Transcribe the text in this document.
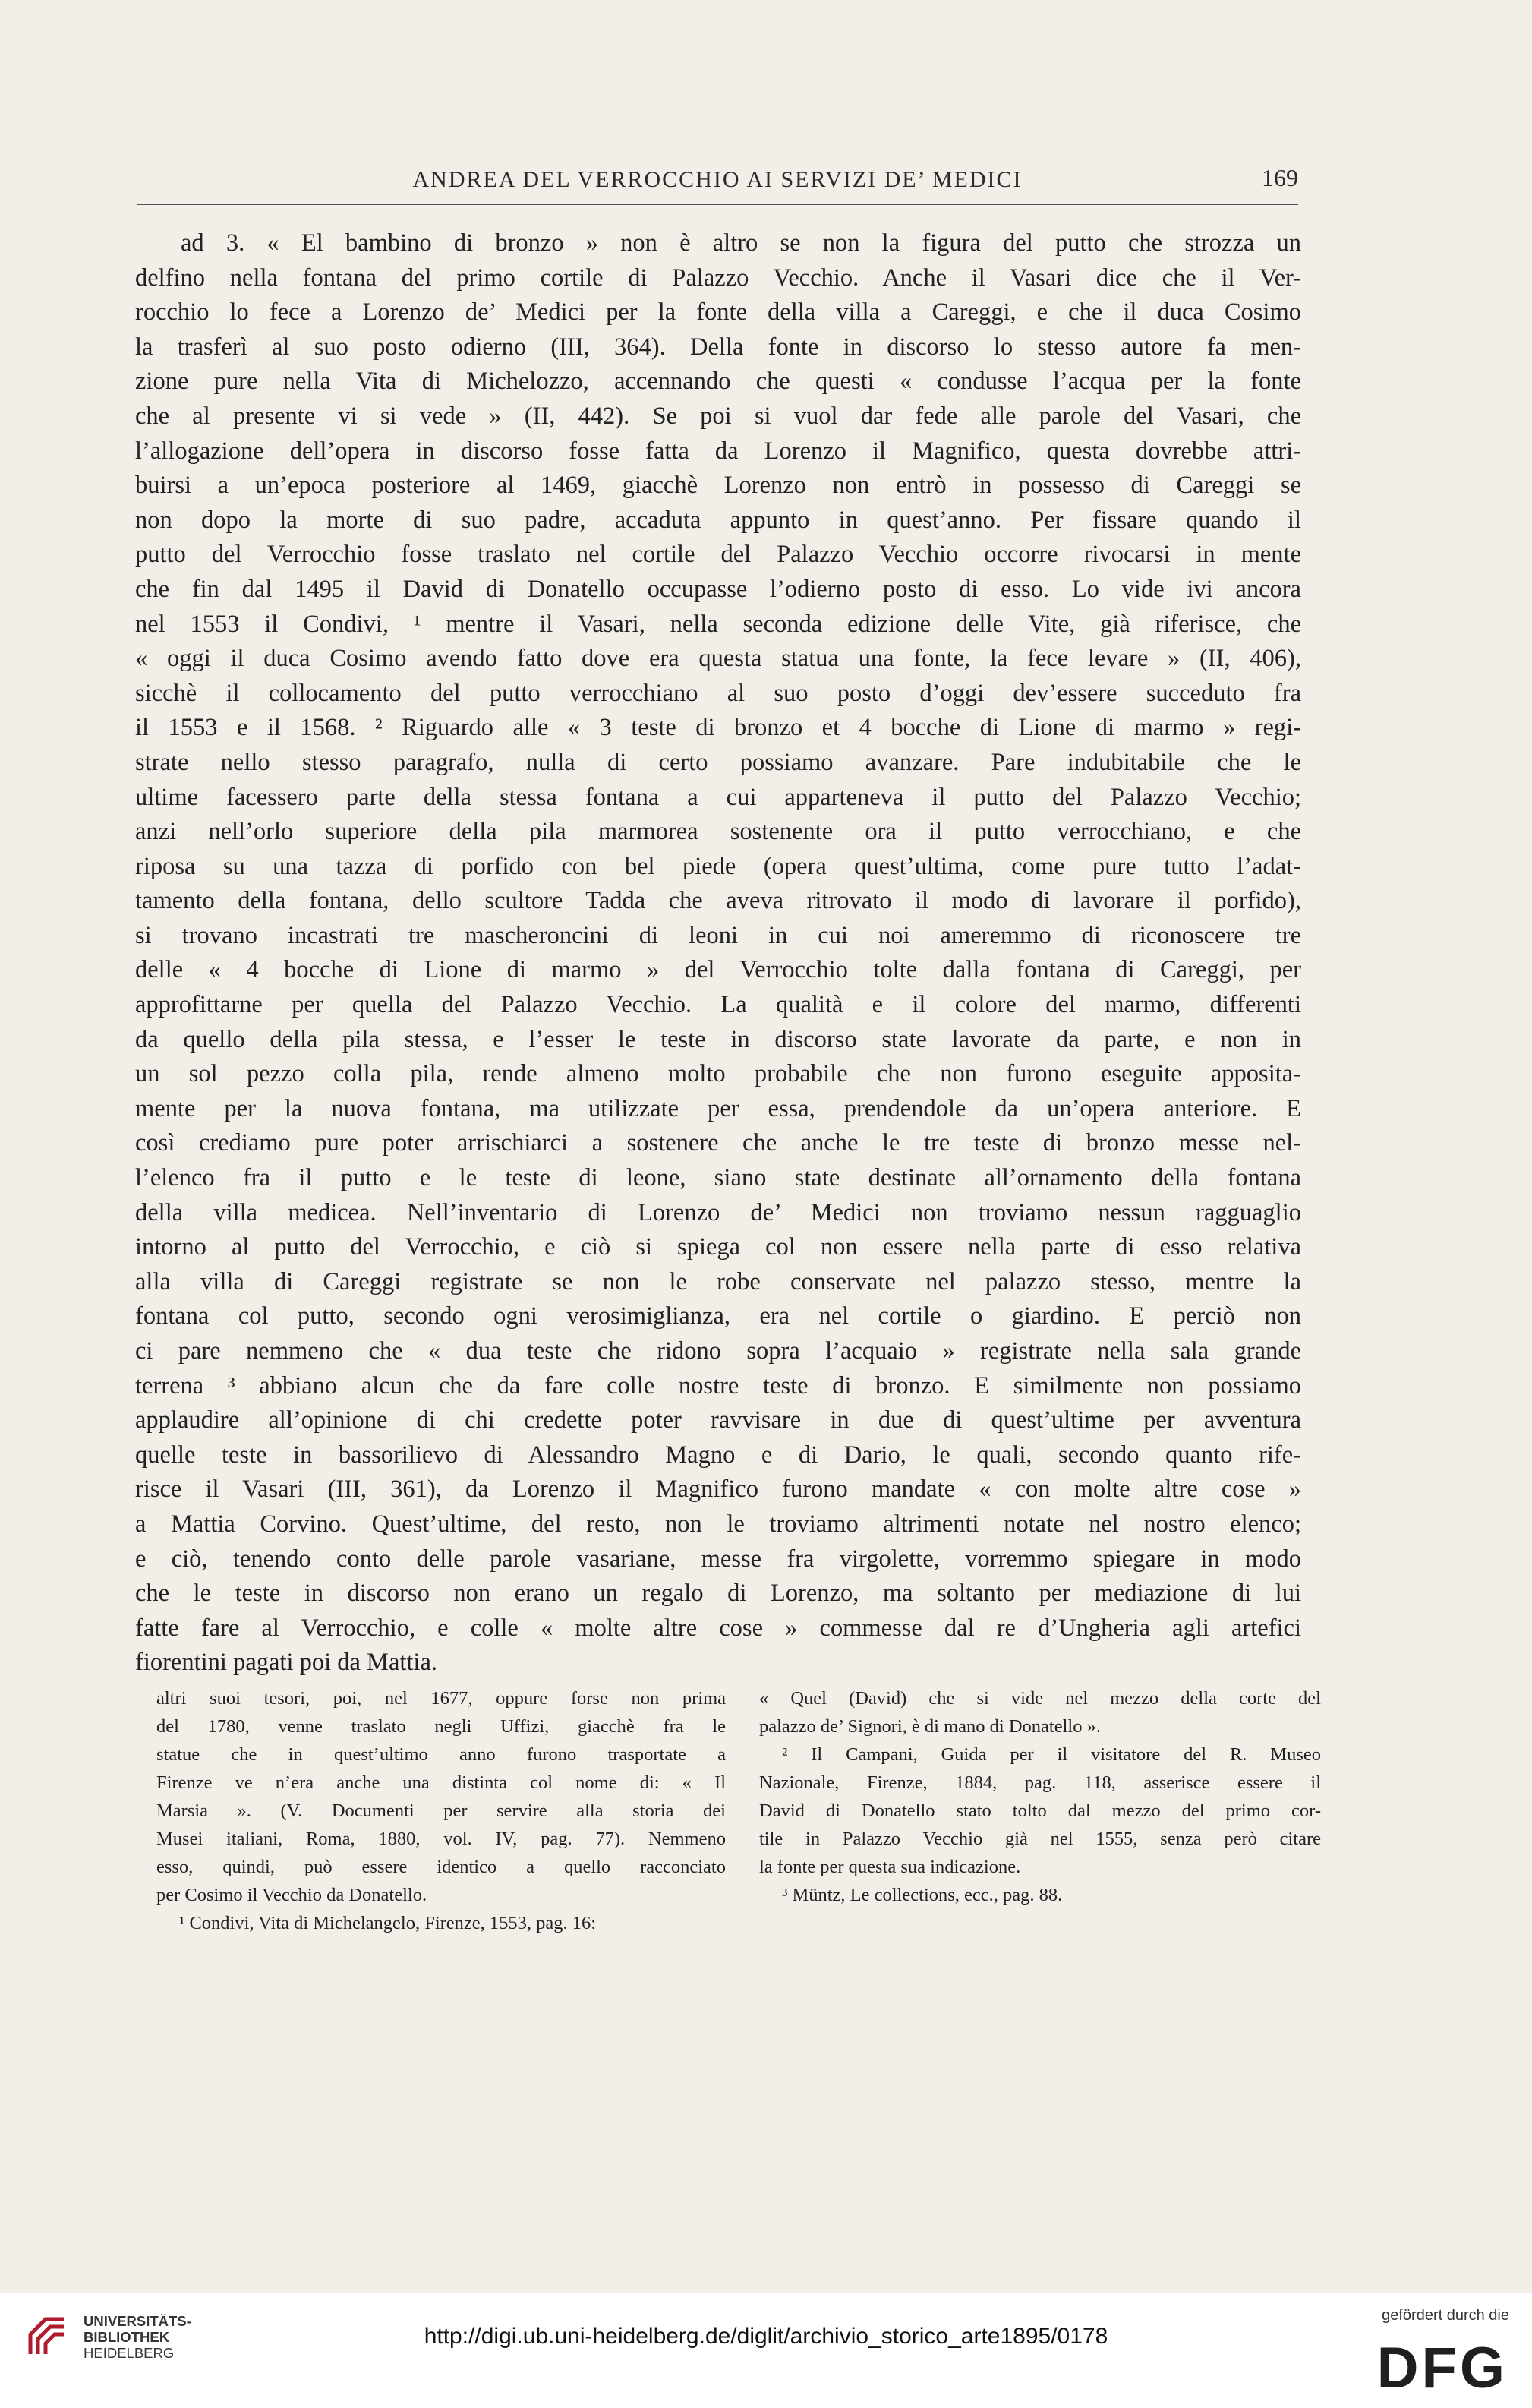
ANDREA DEL VERROCCHIO AI SERVIZI DE’ MEDICI	169
ad 3. « El bambino di bronzo » non è altro se non la figura del putto che strozza un
delfino nella fontana del primo cortile di Palazzo Vecchio. Anche il Vasari dice che il Ver-
rocchio lo fece a Lorenzo de’ Medici per la fonte della villa a Careggi, e che il duca Cosimo
la trasferì al suo posto odierno (III, 364). Della fonte in discorso lo stesso autore fa men-
zione pure nella Vita di Michelozzo, accennando che questi « condusse l’acqua per la fonte
che al presente vi si vede » (II, 442). Se poi si vuol dar fede alle parole del Vasari, che
l’allogazione dell’opera in discorso fosse fatta da Lorenzo il Magnifico, questa dovrebbe attri-
buirsi a un’epoca posteriore al 1469, giacchè Lorenzo non entrò in possesso di Careggi se
non dopo la morte di suo padre, accaduta appunto in quest’anno. Per fissare quando il
putto del Verrocchio fosse traslato nel cortile del Palazzo Vecchio occorre rivocarsi in mente
che fin dal 1495 il David di Donatello occupasse l’odierno posto di esso. Lo vide ivi ancora
nel 1553 il Condivi, ¹ mentre il Vasari, nella seconda edizione delle Vite, già riferisce, che
« oggi il duca Cosimo avendo fatto dove era questa statua una fonte, la fece levare » (II, 406),
sicchè il collocamento del putto verrocchiano al suo posto d’oggi dev’essere succeduto fra
il 1553 e il 1568. ² Riguardo alle « 3 teste di bronzo et 4 bocche di Lione di marmo » regi-
strate nello stesso paragrafo, nulla di certo possiamo avanzare. Pare indubitabile che le
ultime facessero parte della stessa fontana a cui apparteneva il putto del Palazzo Vecchio;
anzi nell’orlo superiore della pila marmorea sostenente ora il putto verrocchiano, e che
riposa su una tazza di porfido con bel piede (opera quest’ultima, come pure tutto l’adat-
tamento della fontana, dello scultore Tadda che aveva ritrovato il modo di lavorare il porfido),
si trovano incastrati tre mascheroncini di leoni in cui noi ameremmo di riconoscere tre
delle « 4 bocche di Lione di marmo » del Verrocchio tolte dalla fontana di Careggi, per
approfittarne per quella del Palazzo Vecchio. La qualità e il colore del marmo, differenti
da quello della pila stessa, e l’esser le teste in discorso state lavorate da parte, e non in
un sol pezzo colla pila, rende almeno molto probabile che non furono eseguite apposita-
mente per la nuova fontana, ma utilizzate per essa, prendendole da un’opera anteriore. E
così crediamo pure poter arrischiarci a sostenere che anche le tre teste di bronzo messe nel-
l’elenco fra il putto e le teste di leone, siano state destinate all’ornamento della fontana
della villa medicea. Nell’inventario di Lorenzo de’ Medici non troviamo nessun ragguaglio
intorno al putto del Verrocchio, e ciò si spiega col non essere nella parte di esso relativa
alla villa di Careggi registrate se non le robe conservate nel palazzo stesso, mentre la
fontana col putto, secondo ogni verosimiglianza, era nel cortile o giardino. E perciò non
ci pare nemmeno che « dua teste che ridono sopra l’acquaio » registrate nella sala grande
terrena ³ abbiano alcun che da fare colle nostre teste di bronzo. E similmente non possiamo
applaudire all’opinione di chi credette poter ravvisare in due di quest’ultime per avventura
quelle teste in bassorilievo di Alessandro Magno e di Dario, le quali, secondo quanto rife-
risce il Vasari (III, 361), da Lorenzo il Magnifico furono mandate « con molte altre cose »
a Mattia Corvino. Quest’ultime, del resto, non le troviamo altrimenti notate nel nostro elenco;
e ciò, tenendo conto delle parole vasariane, messe fra virgolette, vorremmo spiegare in modo
che le teste in discorso non erano un regalo di Lorenzo, ma soltanto per mediazione di lui
fatte fare al Verrocchio, e colle « molte altre cose » commesse dal re d’Ungheria agli artefici
fiorentini pagati poi da Mattia.
altri suoi tesori, poi, nel 1677, oppure forse non prima
del 1780, venne traslato negli Uffizi, giacchè fra le
statue che in quest’ultimo anno furono trasportate a
Firenze ve n’era anche una distinta col nome di: « Il
Marsia ». (V. Documenti per servire alla storia dei
Musei italiani, Roma, 1880, vol. IV, pag. 77). Nemmeno
esso, quindi, può essere identico a quello racconciato
per Cosimo il Vecchio da Donatello.
¹ Condivi, Vita di Michelangelo, Firenze, 1553, pag. 16:
« Quel (David) che si vide nel mezzo della corte del
palazzo de’ Signori, è di mano di Donatello ».
² Il Campani, Guida per il visitatore del R. Museo
Nazionale, Firenze, 1884, pag. 118, asserisce essere il
David di Donatello stato tolto dal mezzo del primo cor-
tile in Palazzo Vecchio già nel 1555, senza però citare
la fonte per questa sua indicazione.
³ Müntz, Le collections, ecc., pag. 88.
UNIVERSITÄTS-
BIBLIOTHEK
HEIDELBERG
http://digi.ub.uni-heidelberg.de/diglit/archivio_storico_arte1895/0178
gefördert durch die
DFG
